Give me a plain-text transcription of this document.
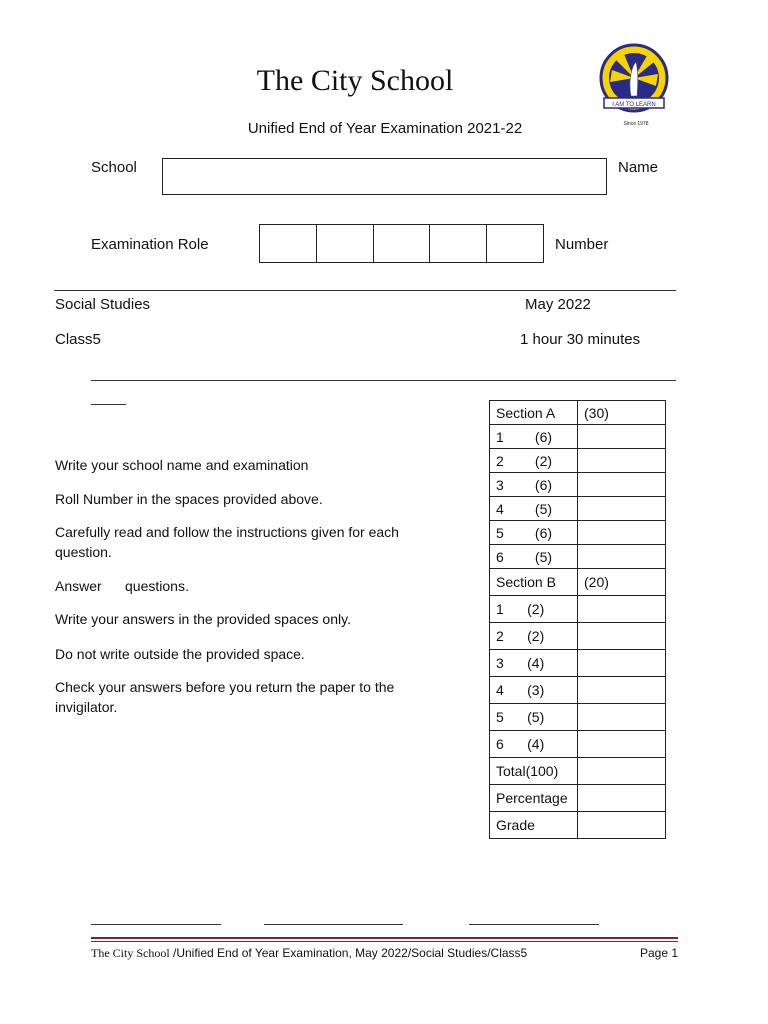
The City School
I AM TO LEARN
Since 1978
Unified End of Year Examination 2021-22
School	Name
Examination Role	Number
Social Studies	May 2022
Class5	1 hour 30 minutes
Write your school name and examination
Roll Number in the spaces provided above.
Carefully read and follow the instructions given for each question.
Answer      questions.
Write your answers in the provided spaces only.
Do not write outside the provided space.
Check your answers before you return the paper to the invigilator.
Section A	(30)
1        (6)	
2        (2)	
3        (6)	
4        (5)	
5        (6)	
6        (5)	
Section B	(20)
1      (2)	
2      (2)	
3      (4)	
4      (3)	
5      (5)	
6      (4)	
Total(100)	
Percentage	
Grade	
The City School /Unified End of Year Examination, May 2022/Social Studies/Class5	Page 1
